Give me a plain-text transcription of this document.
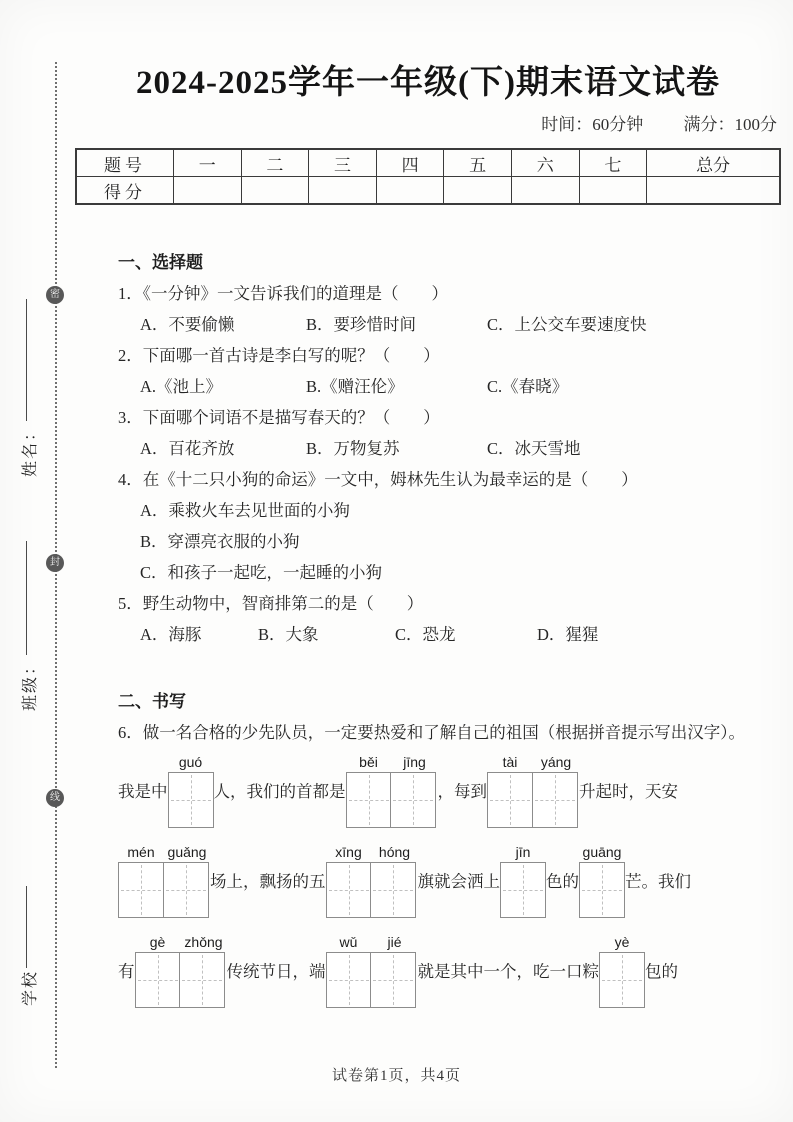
密
封
线
姓名：
班级：
学校
2024-2025学年一年级(下)期末语文试卷
时间：60分钟 满分：100分
题号	一	二	三	四	五	六	七	总分
得分								
一、选择题
1．《一分钟》一文告诉我们的道理是（　　）
A．不要偷懒	B．要珍惜时间	C．上公交车要速度快
2．下面哪一首古诗是李白写的呢？（　　）
A.《池上》	B.《赠汪伦》	C.《春晓》
3．下面哪个词语不是描写春天的？（　　）
A．百花齐放	B．万物复苏	C．冰天雪地
4．在《十二只小狗的命运》一文中，姆林先生认为最幸运的是（　　）
A．乘救火车去见世面的小狗
B．穿漂亮衣服的小狗
C．和孩子一起吃，一起睡的小狗
5．野生动物中，智商排第二的是（　　）
A．海豚	B．大象	C．恐龙	D．猩猩
二、书写
6．做一名合格的少先队员，一定要热爱和了解自己的祖国（根据拼音提示写出汉字）。
我是中
guó
人，我们的首都是
běi	jīng
，每到
tài	yáng
升起时，天安
mén guǎng
场上，飘扬的五
xīng	hóng
旗就会洒上
jīn
色的
guāng
芒。我们
有
gè	zhǒng
传统节日，端
wǔ	jié
就是其中一个，吃一口粽
yè
包的
试卷第1页，共4页
